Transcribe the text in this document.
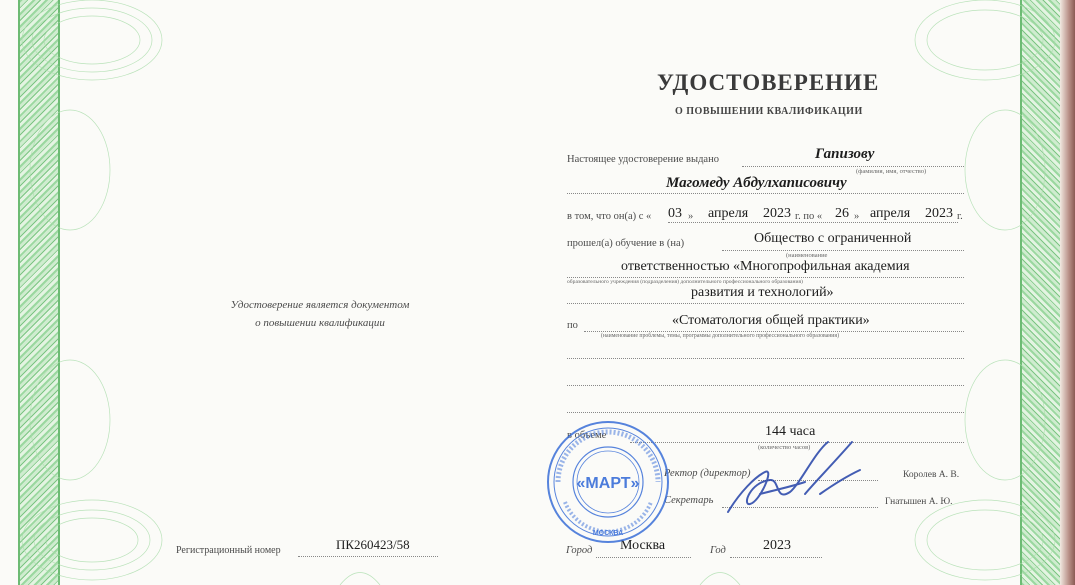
УДОСТОВЕРЕНИЕ
О ПОВЫШЕНИИ КВАЛИФИКАЦИИ
Настоящее удостоверение выдано	Гапизову
(фамилия, имя, отчество)
Магомеду Абдулхаписовичу
в том, что он(а) с « 03 » апреля 2023 г. по « 26 » апреля 2023 г.
прошел(а) обучение в (на)	Общество с ограниченной
(наименование
ответственностью «Многопрофильная академия
образовательного учреждения (подразделения) дополнительного профессионального образования)
развития и технологий»
по	«Стоматология общей практики»
(наименование проблемы, темы, программы дополнительного профессионального образования)
в объеме	144 часа
(количество часов)
Ректор (директор)	Королев А. В.
Секретарь	Гнатышен А. Ю.
Удостоверение является документом
о повышении квалификации
Регистрационный номер	ПК260423/58	Город Москва	Год	2023
«МАРТ»
МОСКВА
